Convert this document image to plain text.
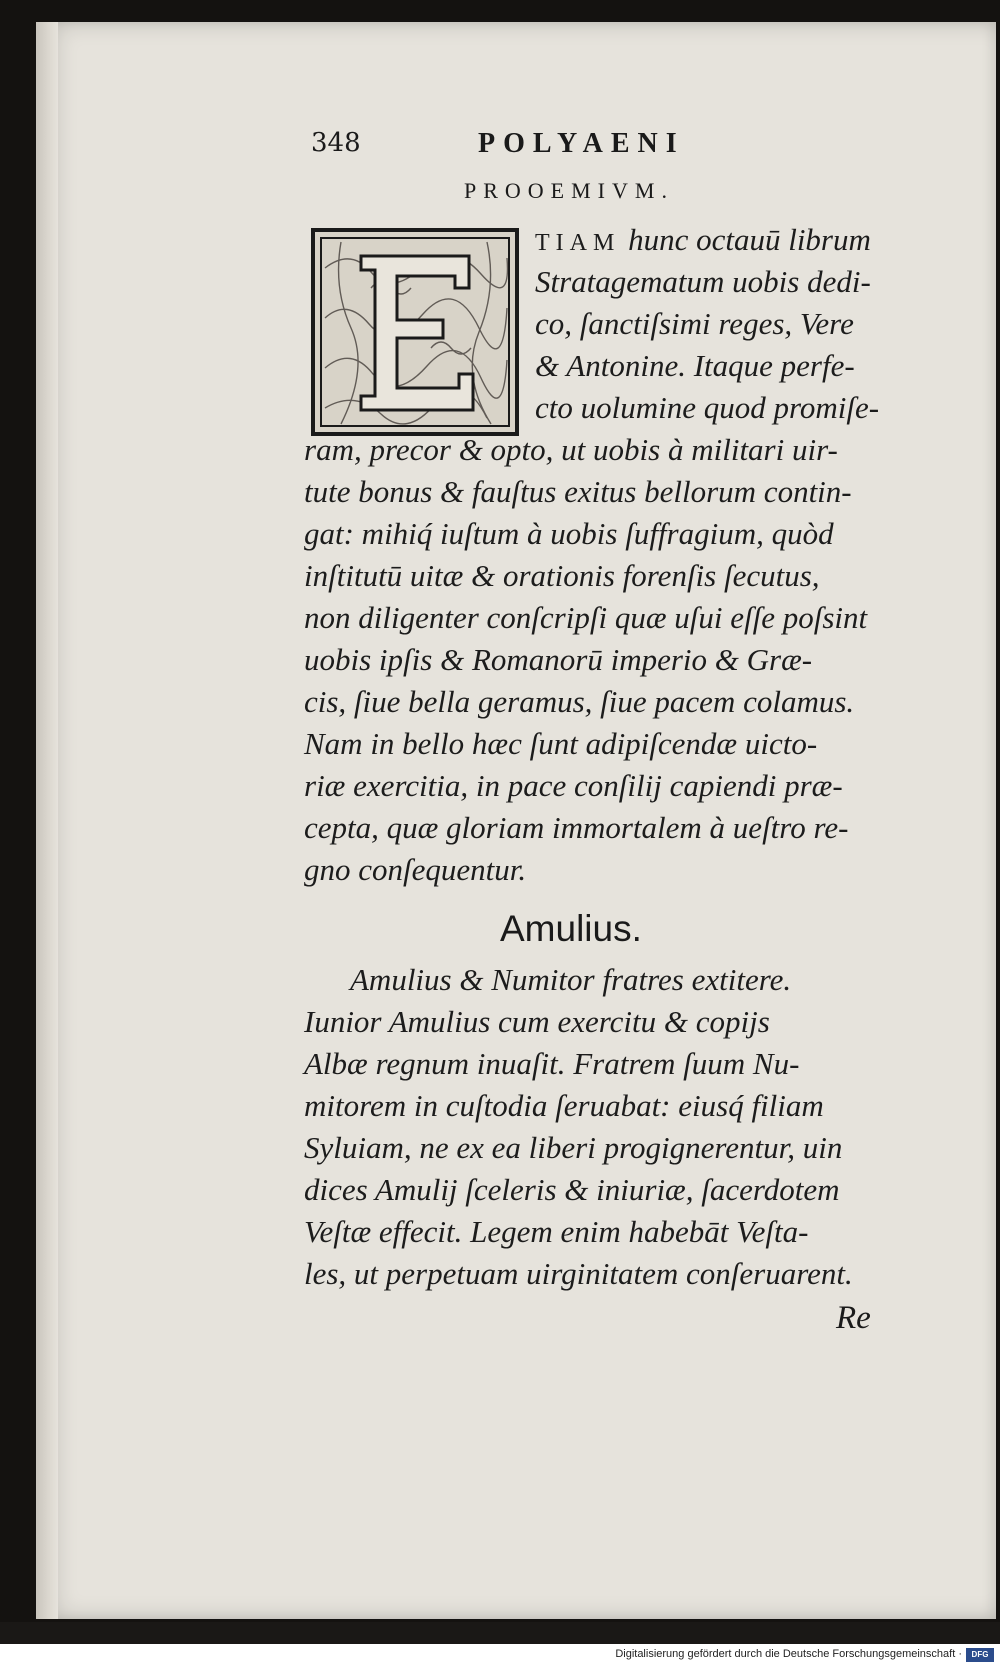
348	POLYAENI
PROOEMIVM.
TIAM hunc octauū librum
Stratagematum uobis dedi-
co, ſanctiſsimi reges, Vere
& Antonine. Itaque perfe-
cto uolumine quod promiſe-
ram, precor & opto, ut uobis à militari uir-
tute bonus & fauſtus exitus bellorum contin-
gat: mihiq́ iuſtum à uobis ſuffragium, quòd
inſtitutū uitæ & orationis forenſis ſecutus,
non diligenter conſcripſi quæ uſui eſſe poſsint
uobis ipſis & Romanorū imperio & Græ-
cis, ſiue bella geramus, ſiue pacem colamus.
Nam in bello hæc ſunt adipiſcendæ uicto-
riæ exercitia, in pace conſilij capiendi præ-
cepta, quæ gloriam immortalem à ueſtro re-
gno conſequentur.
Amulius.
Amulius & Numitor fratres extitere.
Iunior Amulius cum exercitu & copijs
Albæ regnum inuaſit. Fratrem ſuum Nu-
mitorem in cuſtodia ſeruabat: eiusq́ filiam
Syluiam, ne ex ea liberi progignerentur, uin
dices Amulij ſceleris & iniuriæ, ſacerdotem
Veſtæ effecit. Legem enim habebāt Veſta-
les, ut perpetuam uirginitatem conſeruarent.
Re
Digitalisierung gefördert durch die Deutsche Forschungsgemeinschaft ·	DFG
